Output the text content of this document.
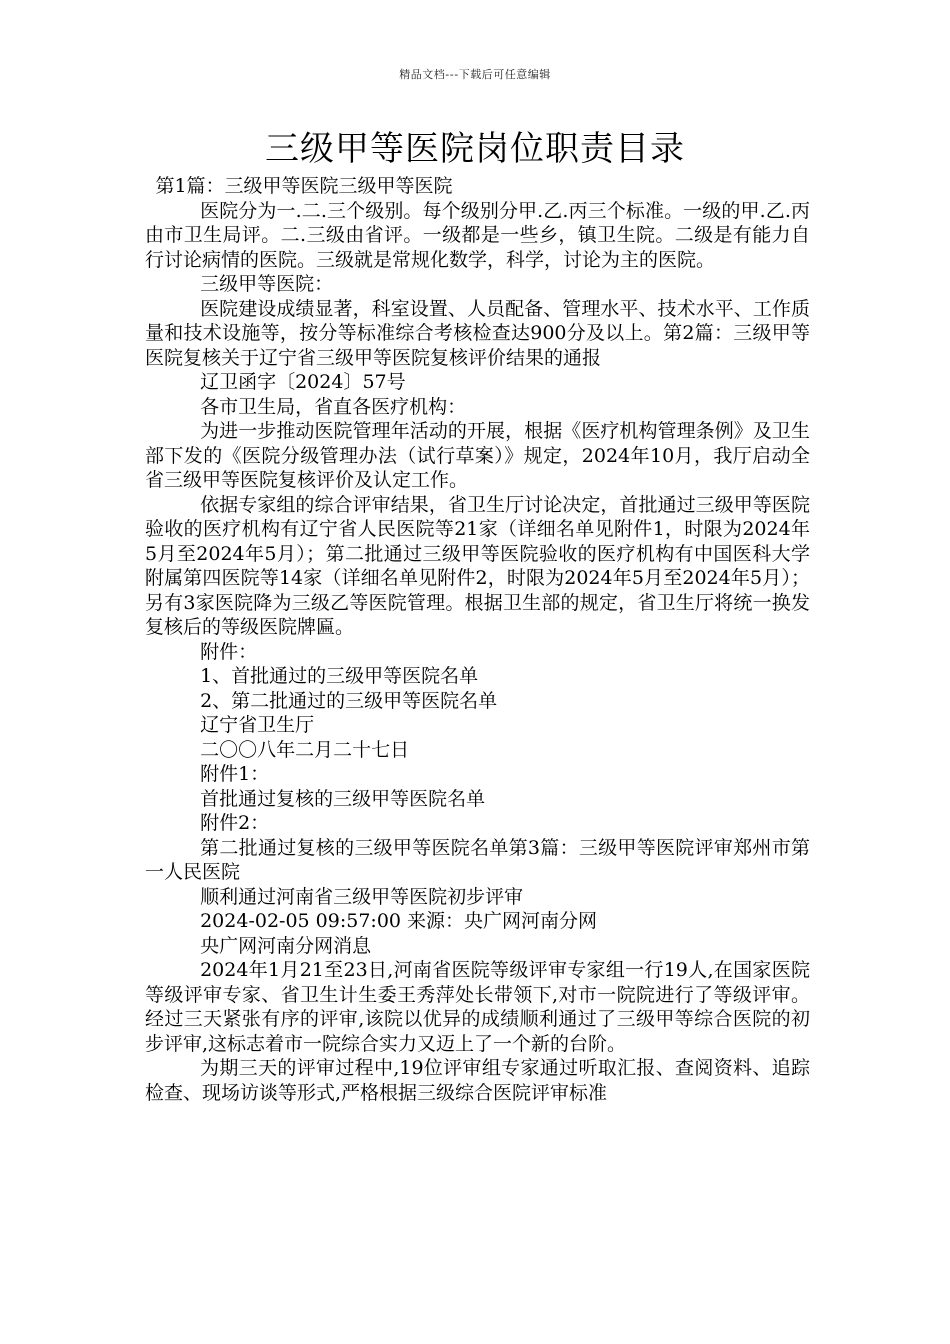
精品文档---下载后可任意编辑
三级甲等医院岗位职责目录

第1篇：三级甲等医院三级甲等医院

医院分为一.二.三个级别。每个级别分甲.乙.丙三个标准。一级的甲.乙.丙由市卫生局评。二.三级由省评。一级都是一些乡，镇卫生院。二级是有能力自行讨论病情的医院。三级就是常规化数学，科学，讨论为主的医院。

三级甲等医院：

医院建设成绩显著，科室设置、人员配备、管理水平、技术水平、工作质量和技术设施等，按分等标准综合考核检查达900分及以上。第2篇：三级甲等医院复核关于辽宁省三级甲等医院复核评价结果的通报

辽卫函字〔2024〕57号

各市卫生局，省直各医疗机构：

为进一步推动医院管理年活动的开展，根据《医疗机构管理条例》及卫生部下发的《医院分级管理办法（试行草案）》规定，2024年10月，我厅启动全省三级甲等医院复核评价及认定工作。

依据专家组的综合评审结果，省卫生厅讨论决定，首批通过三级甲等医院验收的医疗机构有辽宁省人民医院等21家（详细名单见附件1，时限为2024年5月至2024年5月）；第二批通过三级甲等医院验收的医疗机构有中国医科大学附属第四医院等14家（详细名单见附件2，时限为2024年5月至2024年5月）；另有3家医院降为三级乙等医院管理。根据卫生部的规定，省卫生厅将统一换发复核后的等级医院牌匾。

附件：

1、首批通过的三级甲等医院名单

2、第二批通过的三级甲等医院名单

辽宁省卫生厅

二〇〇八年二月二十七日

附件1：

首批通过复核的三级甲等医院名单

附件2：

第二批通过复核的三级甲等医院名单第3篇：三级甲等医院评审郑州市第一人民医院

顺利通过河南省三级甲等医院初步评审

2024-02-05 09:57:00 来源：央广网河南分网

央广网河南分网消息

2024年1月21至23日,河南省医院等级评审专家组一行19人,在国家医院等级评审专家、省卫生计生委王秀萍处长带领下,对市一院院进行了等级评审。经过三天紧张有序的评审,该院以优异的成绩顺利通过了三级甲等综合医院的初步评审,这标志着市一院综合实力又迈上了一个新的台阶。

为期三天的评审过程中,19位评审组专家通过听取汇报、查阅资料、追踪检查、现场访谈等形式,严格根据三级综合医院评审标准
